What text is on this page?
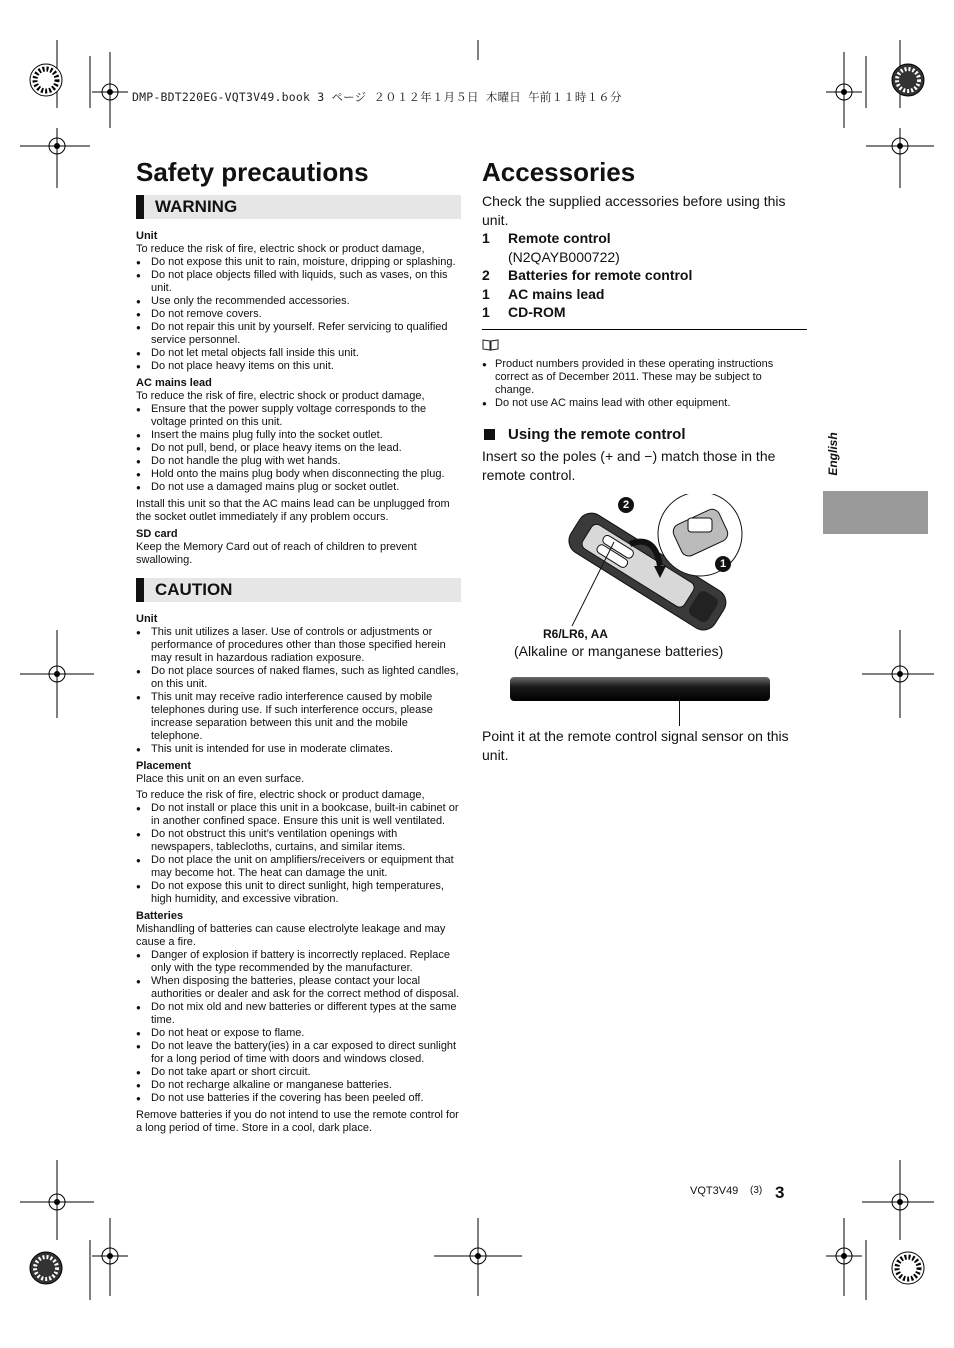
DMP-BDT220EG-VQT3V49.book 3 ページ ２０１２年１月５日 木曜日 午前１１時１６分
Safety precautions
WARNING
Unit
To reduce the risk of fire, electric shock or product damage,
● Do not expose this unit to rain, moisture, dripping or splashing.
● Do not place objects filled with liquids, such as vases, on this unit.
● Use only the recommended accessories.
● Do not remove covers.
● Do not repair this unit by yourself. Refer servicing to qualified service personnel.
● Do not let metal objects fall inside this unit.
● Do not place heavy items on this unit.
AC mains lead
To reduce the risk of fire, electric shock or product damage,
● Ensure that the power supply voltage corresponds to the voltage printed on this unit.
● Insert the mains plug fully into the socket outlet.
● Do not pull, bend, or place heavy items on the lead.
● Do not handle the plug with wet hands.
● Hold onto the mains plug body when disconnecting the plug.
● Do not use a damaged mains plug or socket outlet.
Install this unit so that the AC mains lead can be unplugged from the socket outlet immediately if any problem occurs.
SD card
Keep the Memory Card out of reach of children to prevent swallowing.
CAUTION
Unit
● This unit utilizes a laser. Use of controls or adjustments or performance of procedures other than those specified herein may result in hazardous radiation exposure.
● Do not place sources of naked flames, such as lighted candles, on this unit.
● This unit may receive radio interference caused by mobile telephones during use. If such interference occurs, please increase separation between this unit and the mobile telephone.
● This unit is intended for use in moderate climates.
Placement
Place this unit on an even surface.
To reduce the risk of fire, electric shock or product damage,
● Do not install or place this unit in a bookcase, built-in cabinet or in another confined space. Ensure this unit is well ventilated.
● Do not obstruct this unit’s ventilation openings with newspapers, tablecloths, curtains, and similar items.
● Do not place the unit on amplifiers/receivers or equipment that may become hot. The heat can damage the unit.
● Do not expose this unit to direct sunlight, high temperatures, high humidity, and excessive vibration.
Batteries
Mishandling of batteries can cause electrolyte leakage and may cause a fire.
● Danger of explosion if battery is incorrectly replaced. Replace only with the type recommended by the manufacturer.
● When disposing the batteries, please contact your local authorities or dealer and ask for the correct method of disposal.
● Do not mix old and new batteries or different types at the same time.
● Do not heat or expose to flame.
● Do not leave the battery(ies) in a car exposed to direct sunlight for a long period of time with doors and windows closed.
● Do not take apart or short circuit.
● Do not recharge alkaline or manganese batteries.
● Do not use batteries if the covering has been peeled off.
Remove batteries if you do not intend to use the remote control for a long period of time. Store in a cool, dark place.
Accessories
Check the supplied accessories before using this unit.
1	Remote control
(N2QAYB000722)
2	Batteries for remote control
1	AC mains lead
1	CD-ROM
● Product numbers provided in these operating instructions correct as of December 2011. These may be subject to change.
● Do not use AC mains lead with other equipment.
Using the remote control
Insert so the poles (+ and −) match those in the remote control.
2
1
R6/LR6, AA
(Alkaline or manganese batteries)
Point it at the remote control signal sensor on this unit.
English
VQT3V49 (3) 3
